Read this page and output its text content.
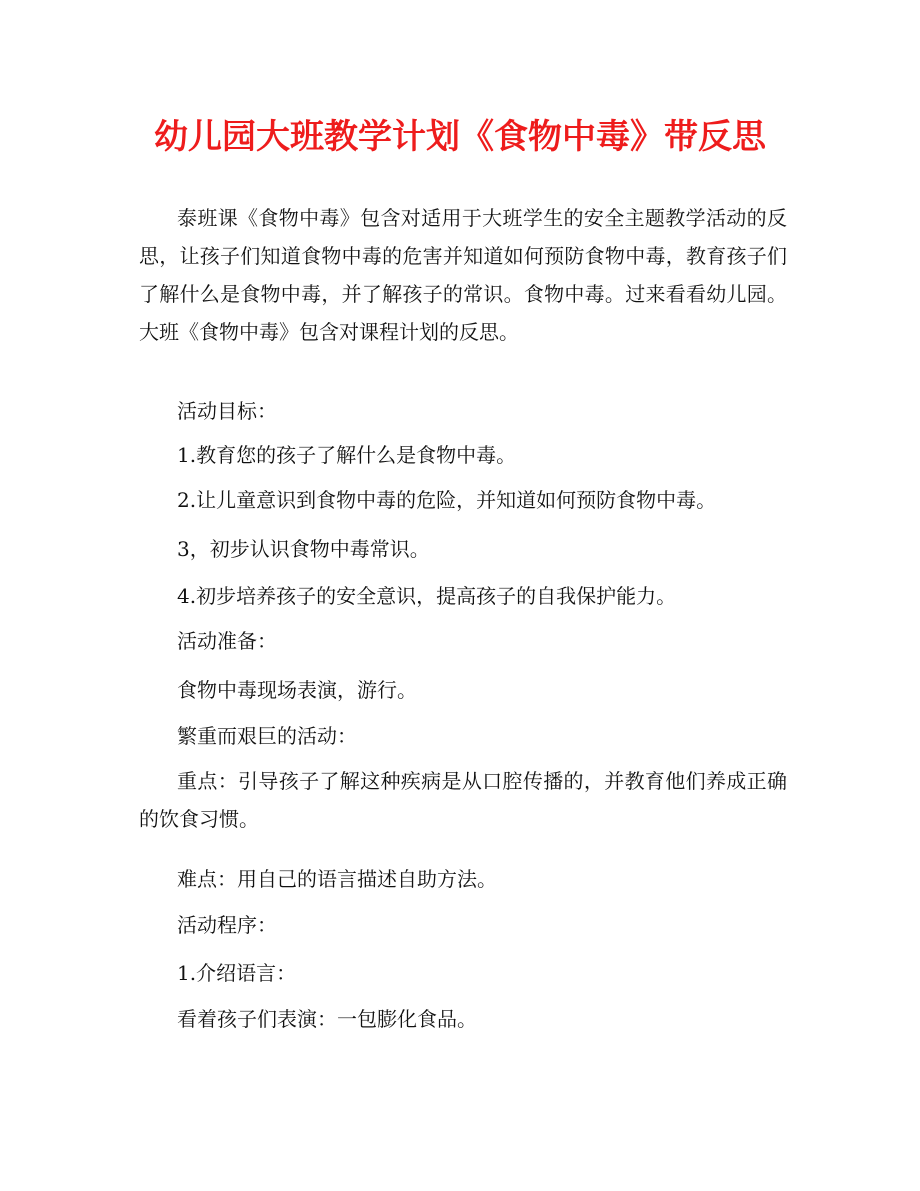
幼儿园大班教学计划《食物中毒》带反思

泰班课《食物中毒》包含对适用于大班学生的安全主题教学活动的反思，让孩子们知道食物中毒的危害并知道如何预防食物中毒，教育孩子们了解什么是食物中毒，并了解孩子的常识。食物中毒。过来看看幼儿园。大班《食物中毒》包含对课程计划的反思。

活动目标：
1.教育您的孩子了解什么是食物中毒。
2.让儿童意识到食物中毒的危险，并知道如何预防食物中毒。
3，初步认识食物中毒常识。
4.初步培养孩子的安全意识，提高孩子的自我保护能力。
活动准备：
食物中毒现场表演，游行。
繁重而艰巨的活动：
重点：引导孩子了解这种疾病是从口腔传播的，并教育他们养成正确的饮食习惯。
难点：用自己的语言描述自助方法。
活动程序：
1.介绍语言：
看着孩子们表演：一包膨化食品。
